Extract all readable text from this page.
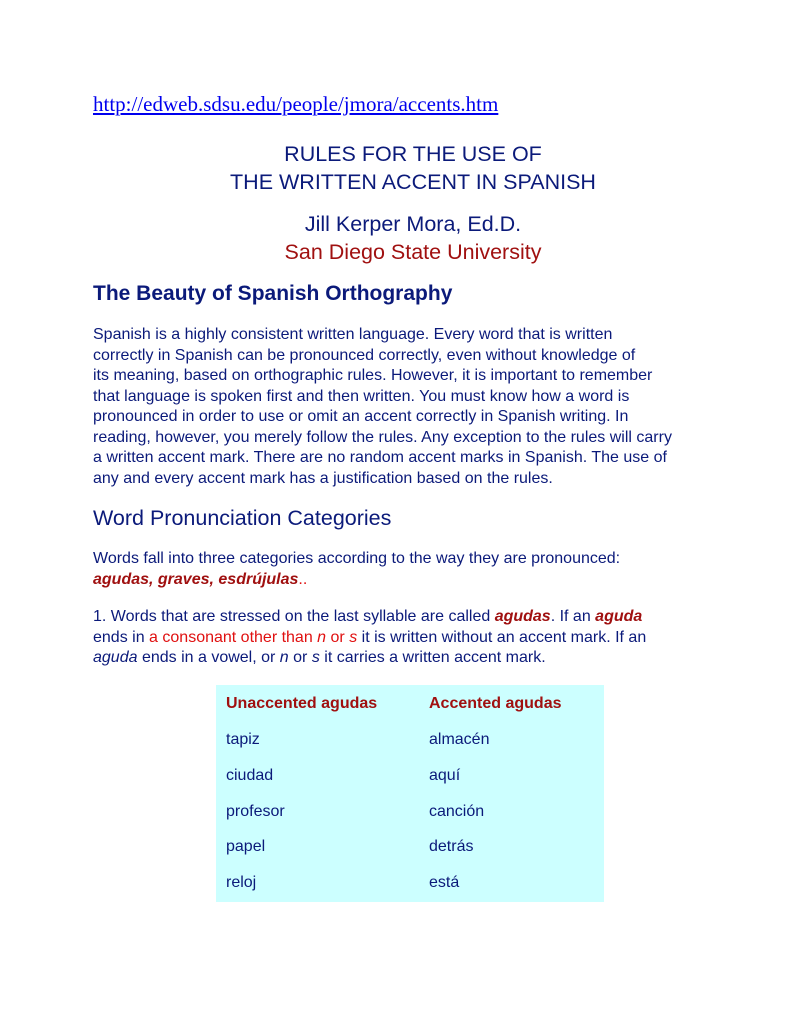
http://edweb.sdsu.edu/people/jmora/accents.htm
RULES FOR THE USE OF
THE WRITTEN ACCENT IN SPANISH
Jill Kerper Mora, Ed.D.
San Diego State University
The Beauty of Spanish Orthography
Spanish is a highly consistent written language. Every word that is written
correctly in Spanish can be pronounced correctly, even without knowledge of
its meaning, based on orthographic rules. However, it is important to remember
that language is spoken first and then written. You must know how a word is
pronounced in order to use or omit an accent correctly in Spanish writing. In
reading, however, you merely follow the rules. Any exception to the rules will carry
a written accent mark. There are no random accent marks in Spanish. The use of
any and every accent mark has a justification based on the rules.
Word Pronunciation Categories
Words fall into three categories according to the way they are pronounced:
agudas, graves, esdrújulas..
1. Words that are stressed on the last syllable are called agudas. If an aguda
ends in a consonant other than n or s it is written without an accent mark. If an
aguda ends in a vowel, or n or s it carries a written accent mark.
Unaccented agudas
tapiz
ciudad
profesor
papel
reloj
Accented agudas
almacén
aquí
canción
detrás
está
